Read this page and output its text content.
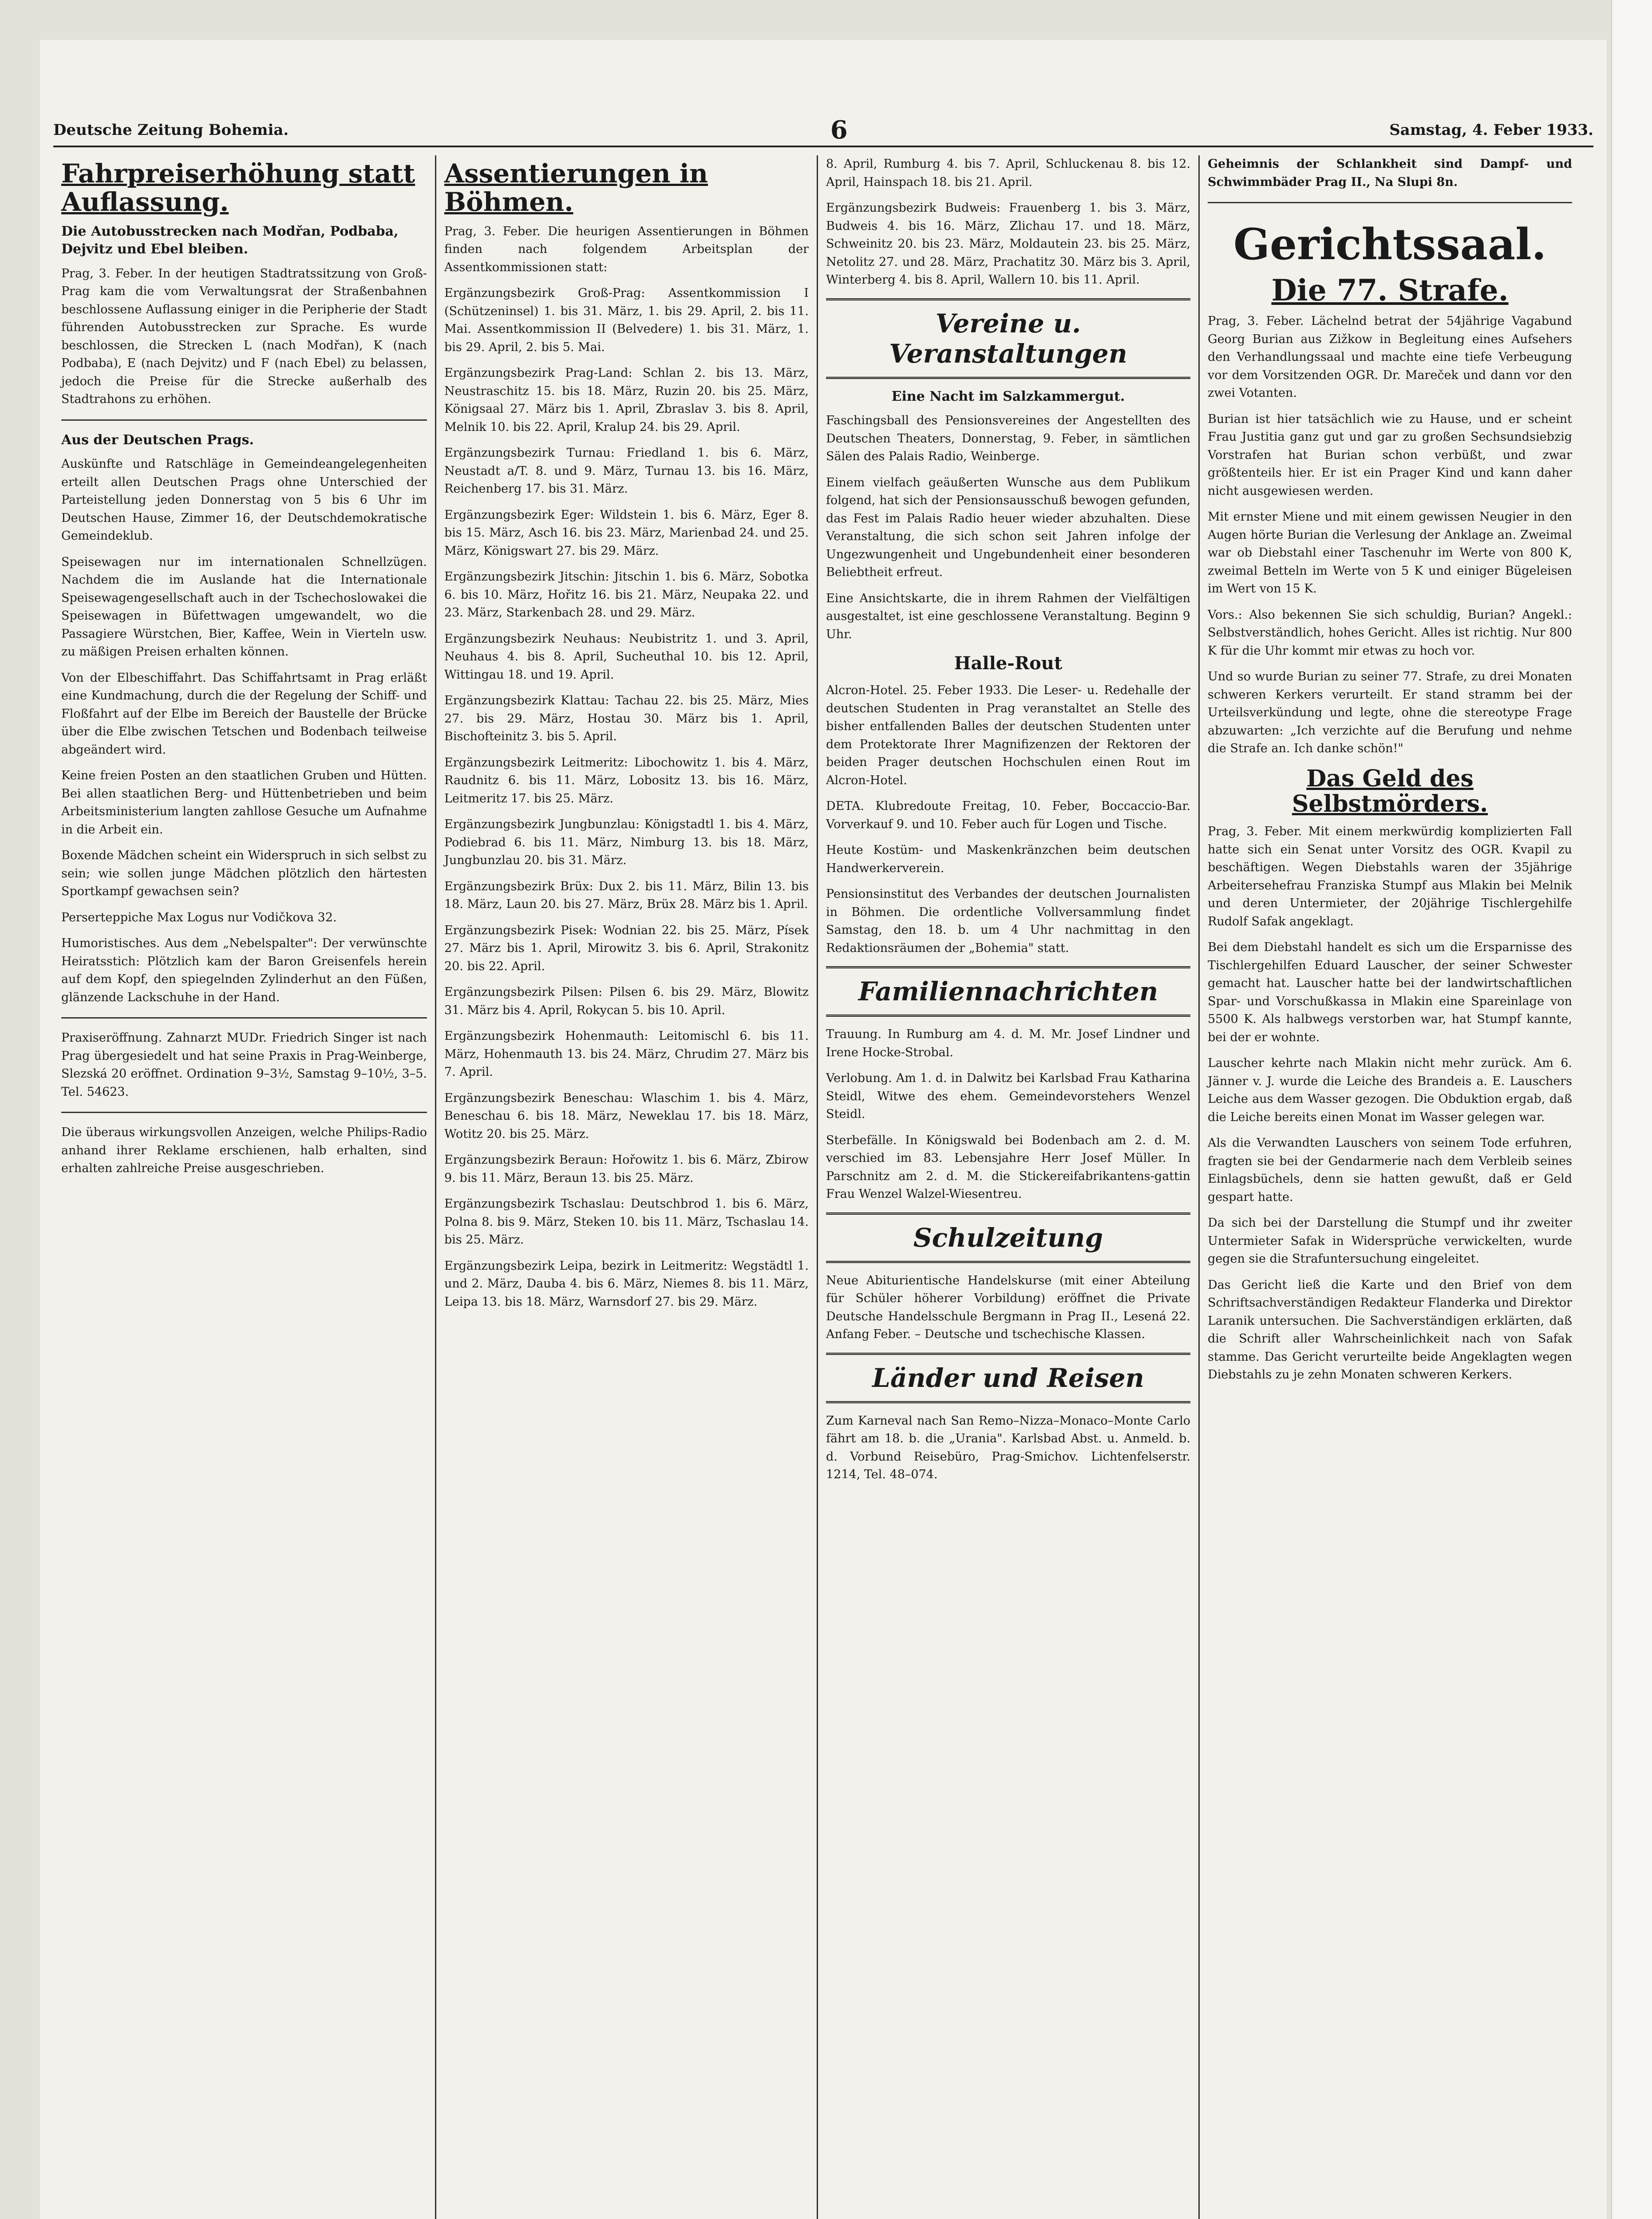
Deutsche Zeitung Bohemia.	6	Samstag, 4. Feber 1933.
Fahrpreiserhöhung statt Auflassung.
Die Autobusstrecken nach Modřan, Podbaba, Dejvitz und Ebel bleiben.

Prag, 3. Feber. In der heutigen Stadtratssitzung von Groß-Prag kam die vom Verwaltungsrat der Straßenbahnen beschlossene Auflassung einiger in die Peripherie der Stadt führenden Autobusstrecken zur Sprache. Es wurde beschlossen, die Strecken L (nach Modřan), K (nach Podbaba), E (nach Dejvitz) und F (nach Ebel) zu belassen, jedoch die Preise für die Strecke außerhalb des Stadtrahons zu erhöhen.

Aus der Deutschen Prags.

Auskünfte und Ratschläge in Gemeindeangelegenheiten erteilt allen Deutschen Prags ohne Unterschied der Parteistellung jeden Donnerstag von 5 bis 6 Uhr im Deutschen Hause, Zimmer 16, der Deutschdemokratische Gemeindeklub.

Speisewagen nur im internationalen Schnellzügen. Nachdem die im Auslande hat die Internationale Speisewagengesellschaft auch in der Tschechoslowakei die Speisewagen in Büfettwagen umgewandelt, wo die Passagiere Würstchen, Bier, Kaffee, Wein in Vierteln usw. zu mäßigen Preisen erhalten können.

Von der Elbeschiffahrt. Das Schiffahrtsamt in Prag erläßt eine Kundmachung, durch die der Regelung der Schiff- und Floßfahrt auf der Elbe im Bereich der Baustelle der Brücke über die Elbe zwischen Tetschen und Bodenbach teilweise abgeändert wird.

Keine freien Posten an den staatlichen Gruben und Hütten. Bei allen staatlichen Berg- und Hüttenbetrieben und beim Arbeitsministerium langten zahllose Gesuche um Aufnahme in die Arbeit ein.

Boxende Mädchen scheint ein Widerspruch in sich selbst zu sein; wie sollen junge Mädchen plötzlich den härtesten Sportkampf gewachsen sein?

Perserteppiche Max Logus nur Vodičkova 32.

Humoristisches. Aus dem „Nebelspalter": Der verwünschte Heiratsstich: Plötzlich kam der Baron Greisenfels herein auf dem Kopf, den spiegelnden Zylinderhut an den Füßen, glänzende Lackschuhe in der Hand.

Praxiseröffnung. Zahnarzt MUDr. Friedrich Singer ist nach Prag übergesiedelt und hat seine Praxis in Prag-Weinberge, Slezská 20 eröffnet. Ordination 9–3½, Samstag 9–10½, 3–5. Tel. 54623.

Die überaus wirkungsvollen Anzeigen, welche Philips-Radio anhand ihrer Reklame erschienen, halb erhalten, sind erhalten zahlreiche Preise ausgeschrieben.

Assentierungen in Böhmen.

Prag, 3. Feber. Die heurigen Assentierungen in Böhmen finden nach folgendem Arbeitsplan der Assentkommissionen statt:

Ergänzungsbezirk Groß-Prag: Assentkommission I (Schützeninsel) 1. bis 31. März, 1. bis 29. April, 2. bis 11. Mai. Assentkommission II (Belvedere) 1. bis 31. März, 1. bis 29. April, 2. bis 5. Mai.

Ergänzungsbezirk Prag-Land: Schlan 2. bis 13. März, Neustraschitz 15. bis 18. März, Ruzin 20. bis 25. März, Königsaal 27. März bis 1. April, Zbraslav 3. bis 8. April, Melnik 10. bis 22. April, Kralup 24. bis 29. April.

Ergänzungsbezirk Turnau: Friedland 1. bis 6. März, Neustadt a/T. 8. und 9. März, Turnau 13. bis 16. März, Reichenberg 17. bis 31. März.

Ergänzungsbezirk Eger: Wildstein 1. bis 6. März, Eger 8. bis 15. März, Asch 16. bis 23. März, Marienbad 24. und 25. März, Königswart 27. bis 29. März.

Ergänzungsbezirk Jitschin: Jitschin 1. bis 6. März, Sobotka 6. bis 10. März, Hořitz 16. bis 21. März, Neupaka 22. und 23. März, Starkenbach 28. und 29. März.

Ergänzungsbezirk Neuhaus: Neubistritz 1. und 3. April, Neuhaus 4. bis 8. April, Sucheuthal 10. bis 12. April, Wittingau 18. und 19. April.

Ergänzungsbezirk Klattau: Tachau 22. bis 25. März, Mies 27. bis 29. März, Hostau 30. März bis 1. April, Bischofteinitz 3. bis 5. April.

Ergänzungsbezirk Leitmeritz: Libochowitz 1. bis 4. März, Raudnitz 6. bis 11. März, Lobositz 13. bis 16. März, Leitmeritz 17. bis 25. März.

Ergänzungsbezirk Jungbunzlau: Königstadtl 1. bis 4. März, Podiebrad 6. bis 11. März, Nimburg 13. bis 18. März, Jungbunzlau 20. bis 31. März.

Ergänzungsbezirk Brüx: Dux 2. bis 11. März, Bilin 13. bis 18. März, Laun 20. bis 27. März, Brüx 28. März bis 1. April.

Ergänzungsbezirk Pisek: Wodnian 22. bis 25. März, Písek 27. März bis 1. April, Mirowitz 3. bis 6. April, Strakonitz 20. bis 22. April.

Ergänzungsbezirk Pilsen: Pilsen 6. bis 29. März, Blowitz 31. März bis 4. April, Rokycan 5. bis 10. April.

Ergänzungsbezirk Hohenmauth: Leitomischl 6. bis 11. März, Hohenmauth 13. bis 24. März, Chrudim 27. März bis 7. April.

Ergänzungsbezirk Beneschau: Wlaschim 1. bis 4. März, Beneschau 6. bis 18. März, Neweklau 17. bis 18. März, Wotitz 20. bis 25. März.

Ergänzungsbezirk Beraun: Hořowitz 1. bis 6. März, Zbirow 9. bis 11. März, Beraun 13. bis 25. März.

Ergänzungsbezirk Tschaslau: Deutschbrod 1. bis 6. März, Polna 8. bis 9. März, Steken 10. bis 11. März, Tschaslau 14. bis 25. März.

Ergänzungsbezirk Leipa, bezirk in Leitmeritz: Wegstädtl 1. und 2. März, Dauba 4. bis 6. März, Niemes 8. bis 11. März, Leipa 13. bis 18. März, Warnsdorf 27. bis 29. März.

8. April, Rumburg 4. bis 7. April, Schluckenau 8. bis 12. April, Hainspach 18. bis 21. April.

Ergänzungsbezirk Budweis: Frauenberg 1. bis 3. März, Budweis 4. bis 16. März, Zlichau 17. und 18. März, Schweinitz 20. bis 23. März, Moldautein 23. bis 25. März, Netolitz 27. und 28. März, Prachatitz 30. März bis 3. April, Winterberg 4. bis 8. April, Wallern 10. bis 11. April.

Vereine u. Veranstaltungen
Eine Nacht im Salzkammergut.

Faschingsball des Pensionsvereines der Angestellten des Deutschen Theaters, Donnerstag, 9. Feber, in sämtlichen Sälen des Palais Radio, Weinberge.

Einem vielfach geäußerten Wunsche aus dem Publikum folgend, hat sich der Pensionsausschuß bewogen gefunden, das Fest im Palais Radio heuer wieder abzuhalten. Diese Veranstaltung, die sich schon seit Jahren infolge der Ungezwungenheit und Ungebundenheit einer besonderen Beliebtheit erfreut.

Eine Ansichtskarte, die in ihrem Rahmen der Vielfältigen ausgestaltet, ist eine geschlossene Veranstaltung. Beginn 9 Uhr.

Halle-Rout

Alcron-Hotel. 25. Feber 1933. Die Leser- u. Redehalle der deutschen Studenten in Prag veranstaltet an Stelle des bisher entfallenden Balles der deutschen Studenten unter dem Protektorate Ihrer Magnifizenzen der Rektoren der beiden Prager deutschen Hochschulen einen Rout im Alcron-Hotel.

DETA. Klubredoute Freitag, 10. Feber, Boccaccio-Bar. Vorverkauf 9. und 10. Feber auch für Logen und Tische.

Heute Kostüm- und Maskenkränzchen beim deutschen Handwerkerverein.

Pensionsinstitut des Verbandes der deutschen Journalisten in Böhmen. Die ordentliche Vollversammlung findet Samstag, den 18. b. um 4 Uhr nachmittag in den Redaktionsräumen der „Bohemia" statt.

Familiennachrichten

Trauung. In Rumburg am 4. d. M. Mr. Josef Lindner und Irene Hocke-Strobal.

Verlobung. Am 1. d. in Dalwitz bei Karlsbad Frau Katharina Steidl, Witwe des ehem. Gemeindevorstehers Wenzel Steidl.

Sterbefälle. In Königswald bei Bodenbach am 2. d. M. verschied im 83. Lebensjahre Herr Josef Müller. In Parschnitz am 2. d. M. die Stickereifabrikantens-gattin Frau Wenzel Walzel-Wiesentreu.

Schulzeitung

Neue Abiturientische Handelskurse (mit einer Abteilung für Schüler höherer Vorbildung) eröffnet die Private Deutsche Handelsschule Bergmann in Prag II., Lesená 22. Anfang Feber. – Deutsche und tschechische Klassen.

Länder und Reisen

Zum Karneval nach San Remo–Nizza–Monaco–Monte Carlo fährt am 18. b. die „Urania". Karlsbad Abst. u. Anmeld. b. d. Vorbund Reisebüro, Prag-Smichov. Lichtenfelserstr. 1214, Tel. 48–074.

Geheimnis der Schlankheit sind Dampf- und Schwimmbäder Prag II., Na Slupi 8n.

Gerichtssaal.
Die 77. Strafe.

Prag, 3. Feber. Lächelnd betrat der 54jährige Vagabund Georg Burian aus Zižkow in Begleitung eines Aufsehers den Verhandlungssaal und machte eine tiefe Verbeugung vor dem Vorsitzenden OGR. Dr. Mareček und dann vor den zwei Votanten.

Burian ist hier tatsächlich wie zu Hause, und er scheint Frau Justitia ganz gut und gar zu großen Sechsundsiebzig Vorstrafen hat Burian schon verbüßt, und zwar größtenteils hier. Er ist ein Prager Kind und kann daher nicht ausgewiesen werden.

Mit ernster Miene und mit einem gewissen Neugier in den Augen hörte Burian die Verlesung der Anklage an. Zweimal war ob Diebstahl einer Taschenuhr im Werte von 800 K, zweimal Betteln im Werte von 5 K und einiger Bügeleisen im Wert von 15 K.

Vors.: Also bekennen Sie sich schuldig, Burian? Angekl.: Selbstverständlich, hohes Gericht. Alles ist richtig. Nur 800 K für die Uhr kommt mir etwas zu hoch vor.

Und so wurde Burian zu seiner 77. Strafe, zu drei Monaten schweren Kerkers verurteilt. Er stand stramm bei der Urteilsverkündung und legte, ohne die stereotype Frage abzuwarten: „Ich verzichte auf die Berufung und nehme die Strafe an. Ich danke schön!"

Das Geld des Selbstmörders.

Prag, 3. Feber. Mit einem merkwürdig komplizierten Fall hatte sich ein Senat unter Vorsitz des OGR. Kvapil zu beschäftigen. Wegen Diebstahls waren der 35jährige Arbeitersehefrau Franziska Stumpf aus Mlakin bei Melnik und deren Untermieter, der 20jährige Tischlergehilfe Rudolf Safak angeklagt.

Bei dem Diebstahl handelt es sich um die Ersparnisse des Tischlergehilfen Eduard Lauscher, der seiner Schwester gemacht hat. Lauscher hatte bei der landwirtschaftlichen Spar- und Vorschußkassa in Mlakin eine Spareinlage von 5500 K. Als halbwegs verstorben war, hat Stumpf kannte, bei der er wohnte.

Lauscher kehrte nach Mlakin nicht mehr zurück. Am 6. Jänner v. J. wurde die Leiche des Brandeis a. E. Lauschers Leiche aus dem Wasser gezogen. Die Obduktion ergab, daß die Leiche bereits einen Monat im Wasser gelegen war.

Als die Verwandten Lauschers von seinem Tode erfuhren, fragten sie bei der Gendarmerie nach dem Verbleib seines Einlagsbüchels, denn sie hatten gewußt, daß er Geld gespart hatte.

Da sich bei der Darstellung die Stumpf und ihr zweiter Untermieter Safak in Widersprüche verwickelten, wurde gegen sie die Strafuntersuchung eingeleitet.

Das Gericht ließ die Karte und den Brief von dem Schriftsachverständigen Redakteur Flanderka und Direktor Laranik untersuchen. Die Sachverständigen erklärten, daß die Schrift aller Wahrscheinlichkeit nach von Safak stamme. Das Gericht verurteilte beide Angeklagten wegen Diebstahls zu je zehn Monaten schweren Kerkers.
